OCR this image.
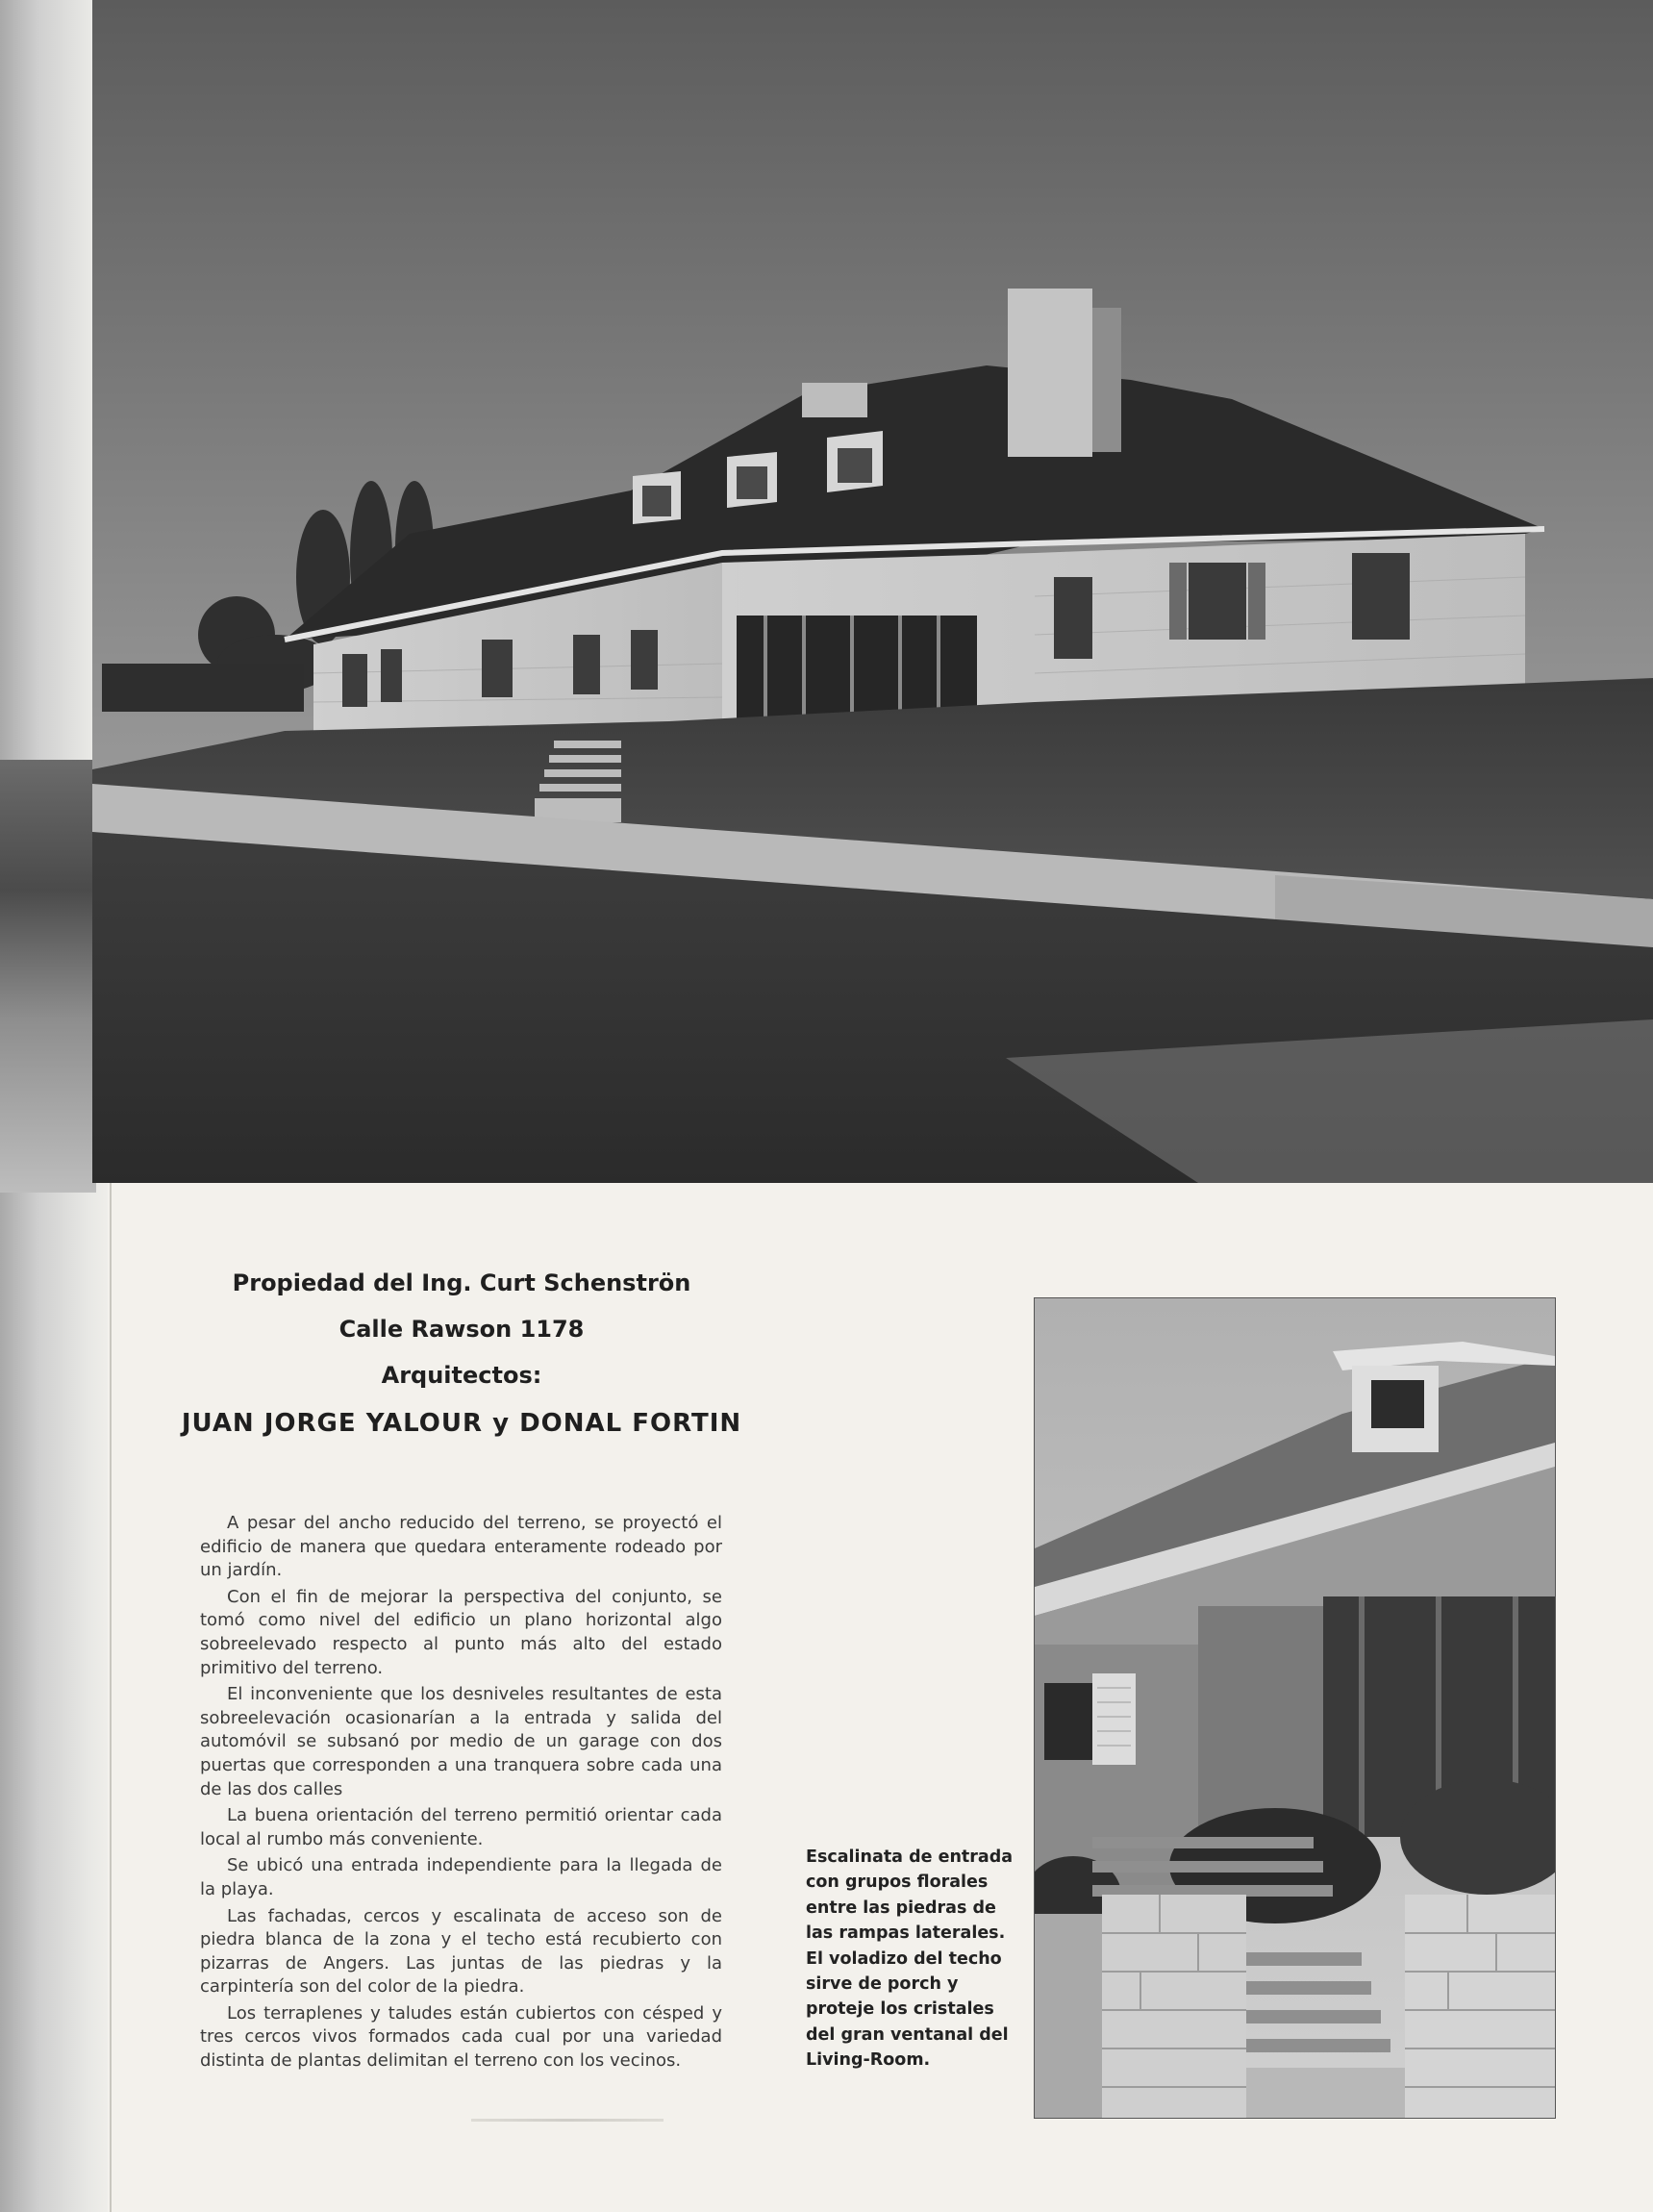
Propiedad del Ing. Curt Schenströn
Calle Rawson 1178
Arquitectos:
JUAN JORGE YALOUR y DONAL FORTIN

A pesar del ancho reducido del terreno, se proyectó el edificio de manera que quedara enteramente rodeado por un jardín.

Con el fin de mejorar la perspectiva del conjunto, se tomó como nivel del edificio un plano horizontal algo sobreelevado respecto al punto más alto del estado primitivo del terreno.

El inconveniente que los desniveles resultantes de esta sobreelevación ocasionarían a la entrada y salida del automóvil se subsanó por medio de un garage con dos puertas que corresponden a una tranquera sobre cada una de las dos calles

La buena orientación del terreno permitió orientar cada local al rumbo más conveniente.

Se ubicó una entrada independiente para la llegada de la playa.

Las fachadas, cercos y escalinata de acceso son de piedra blanca de la zona y el techo está recubierto con pizarras de Angers. Las juntas de las piedras y la carpintería son del color de la piedra.

Los terraplenes y taludes están cubiertos con césped y tres cercos vivos formados cada cual por una variedad distinta de plantas delimitan el terreno con los vecinos.

Escalinata de entrada con grupos florales entre las piedras de las rampas laterales. El voladizo del techo sirve de porch y proteje los cristales del gran ventanal del Living-Room.
